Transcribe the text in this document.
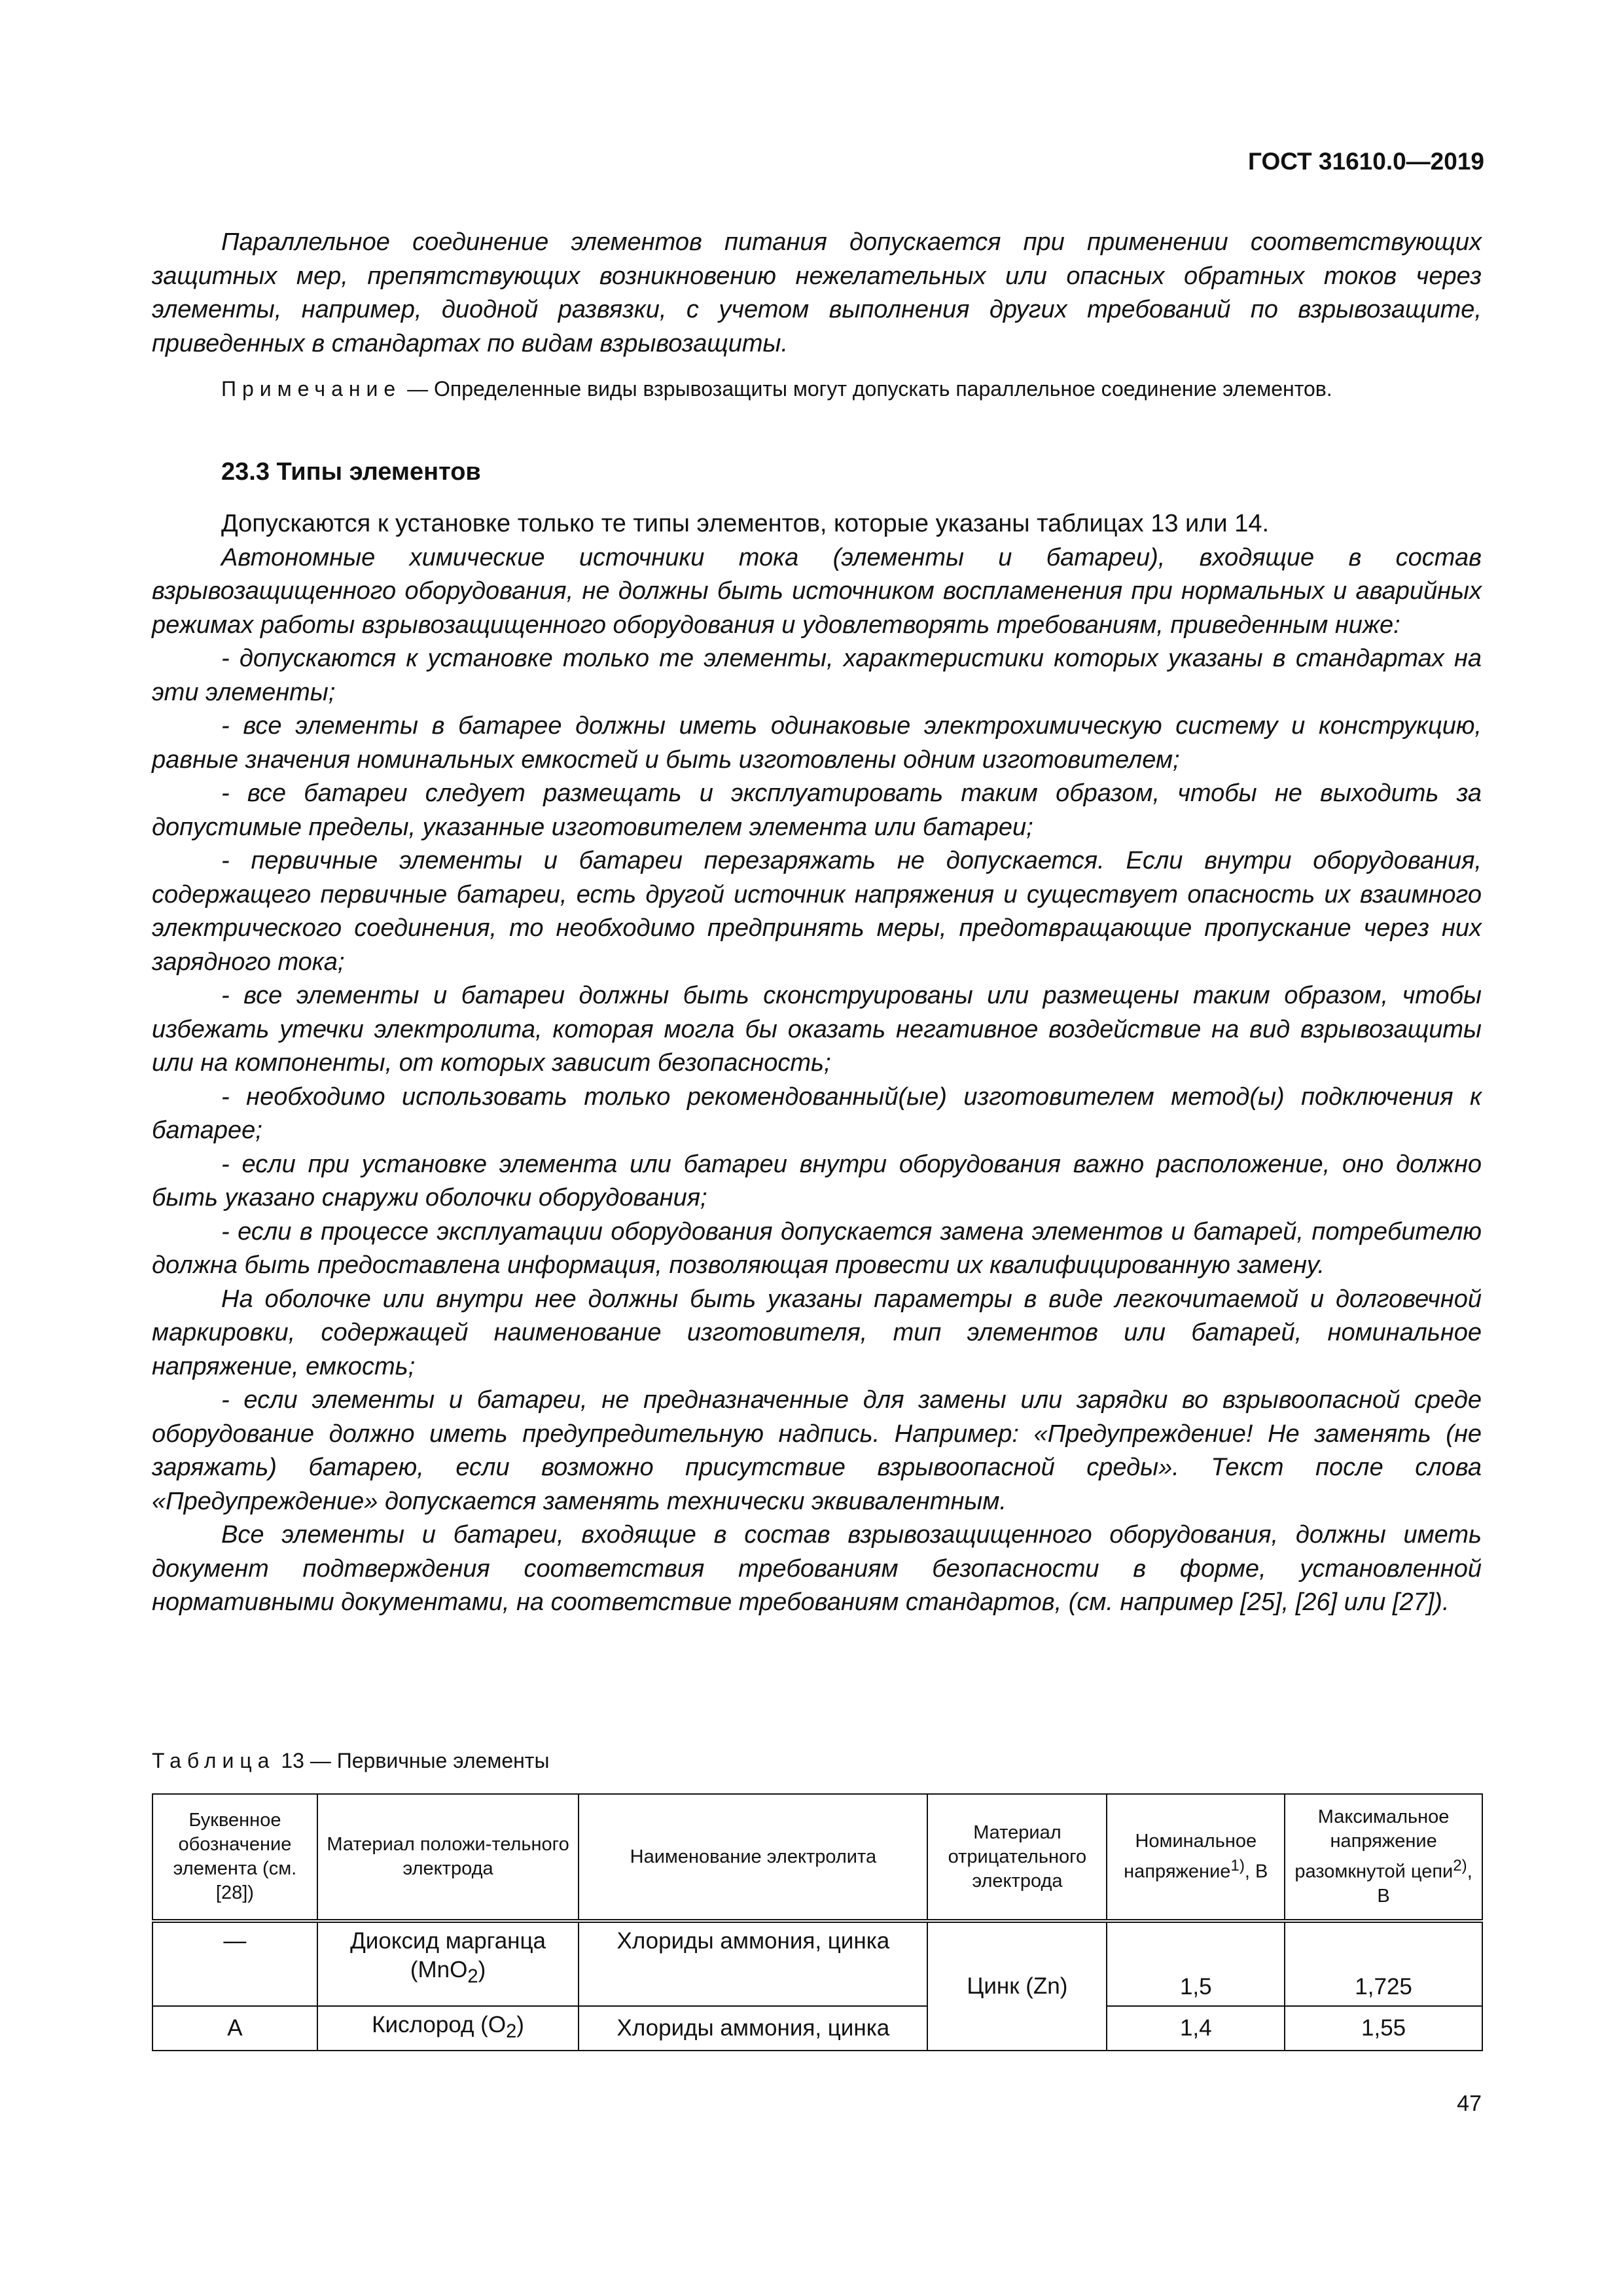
ГОСТ 31610.0—2019

Параллельное соединение элементов питания допускается при применении соответствующих защитных мер, препятствующих возникновению нежелательных или опасных обратных токов через элементы, например, диодной развязки, с учетом выполнения других требований по взрывозащите, приведенных в стандартах по видам взрывозащиты.

Примечание — Определенные виды взрывозащиты могут допускать параллельное соединение элементов.
23.3 Типы элементов

Допускаются к установке только те типы элементов, которые указаны таблицах 13 или 14.

Автономные химические источники тока (элементы и батареи), входящие в состав взрывозащищенного оборудования, не должны быть источником воспламенения при нормальных и аварийных режимах работы взрывозащищенного оборудования и удовлетворять требованиям, приведенным ниже:

- допускаются к установке только те элементы, характеристики которых указаны в стандартах на эти элементы;

- все элементы в батарее должны иметь одинаковые электрохимическую систему и конструкцию, равные значения номинальных емкостей и быть изготовлены одним изготовителем;

- все батареи следует размещать и эксплуатировать таким образом, чтобы не выходить за допустимые пределы, указанные изготовителем элемента или батареи;

- первичные элементы и батареи перезаряжать не допускается. Если внутри оборудования, содержащего первичные батареи, есть другой источник напряжения и существует опасность их взаимного электрического соединения, то необходимо предпринять меры, предотвращающие пропускание через них зарядного тока;

- все элементы и батареи должны быть сконструированы или размещены таким образом, чтобы избежать утечки электролита, которая могла бы оказать негативное воздействие на вид взрывозащиты или на компоненты, от которых зависит безопасность;

- необходимо использовать только рекомендованный(ые) изготовителем метод(ы) подключения к батарее;

- если при установке элемента или батареи внутри оборудования важно расположение, оно должно быть указано снаружи оболочки оборудования;

- если в процессе эксплуатации оборудования допускается замена элементов и батарей, потребителю должна быть предоставлена информация, позволяющая провести их квалифицированную замену.

На оболочке или внутри нее должны быть указаны параметры в виде легкочитаемой и долговечной маркировки, содержащей наименование изготовителя, тип элементов или батарей, номинальное напряжение, емкость;

- если элементы и батареи, не предназначенные для замены или зарядки во взрывоопасной среде оборудование должно иметь предупредительную надпись. Например: «Предупреждение! Не заменять (не заряжать) батарею, если возможно присутствие взрывоопасной среды». Текст после слова «Предупреждение» допускается заменять технически эквивалентным.

Все элементы и батареи, входящие в состав взрывозащищенного оборудования, должны иметь документ подтверждения соответствия требованиям безопасности в форме, установленной нормативными документами, на соответствие требованиям стандартов, (см. например [25], [26] или [27]).

Таблица 13 — Первичные элементы
Буквенное обозначение элемента (см. [28])	Материал положи-тельного электрода	Наименование электролита	Материал отрицательного электрода	Номинальное напряжение$^{1)}$, В	Максимальное напряжение разомкнутой цепи$^{2)}$, В
—	Диоксид марганца (MnO$_2$)	Хлориды аммония, цинка	Цинк (Zn)	1,5	1,725
A	Кислород $(O_2)$	Хлориды аммония, цинка		1,4	1,55
47
